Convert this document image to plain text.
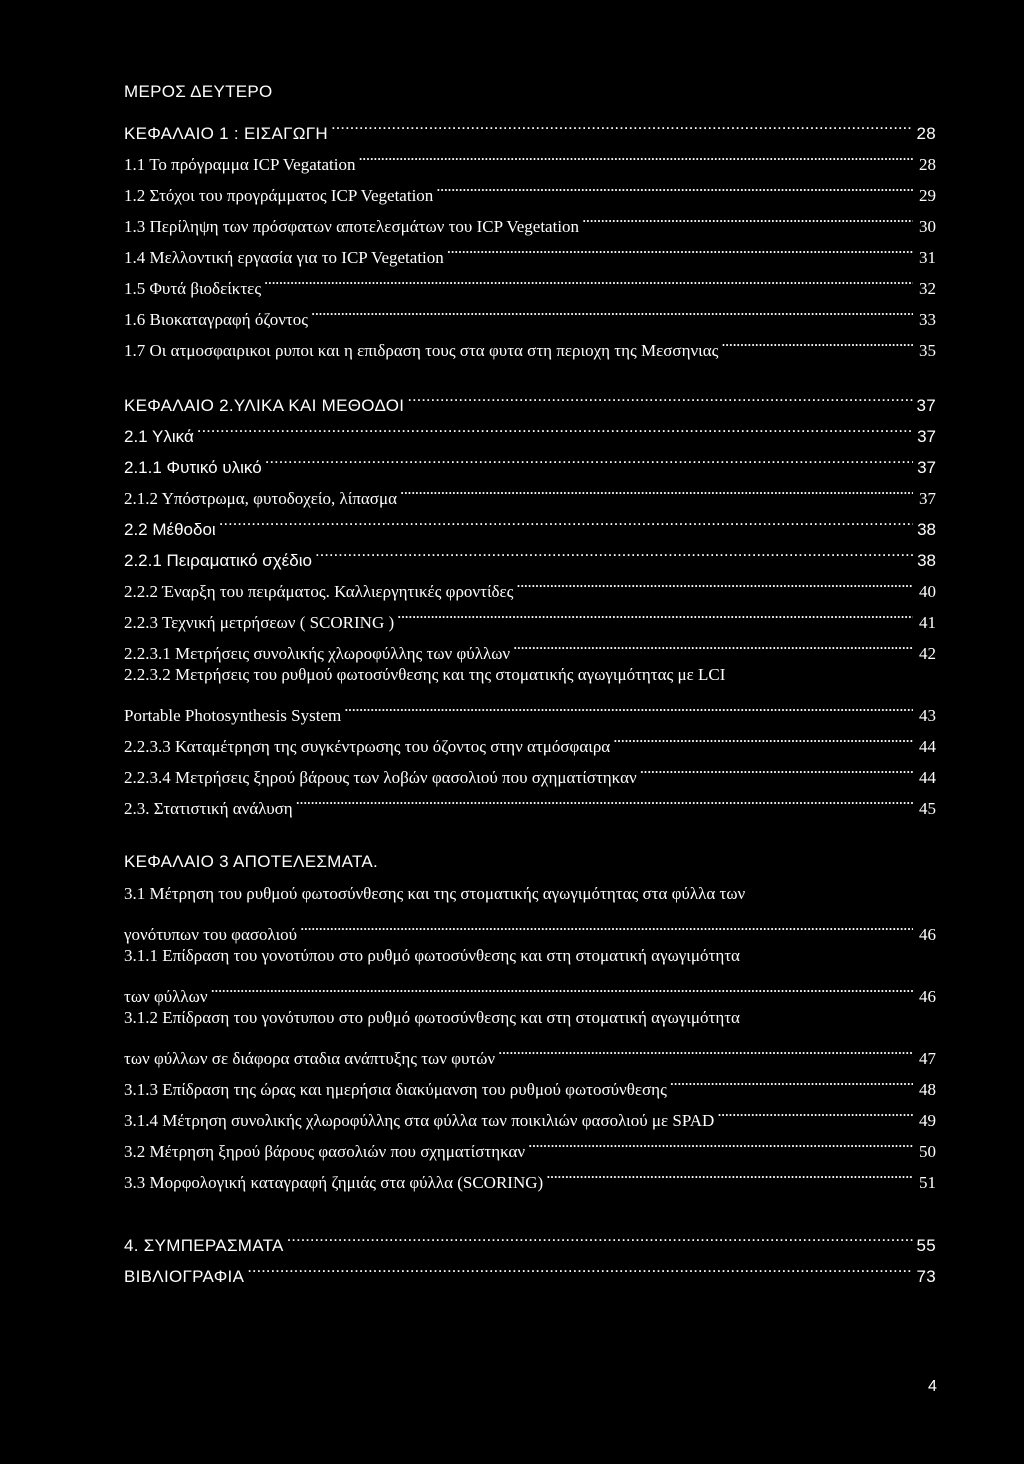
ΜΕΡΟΣ ΔΕΥΤΕΡΟ
ΚΕΦΑΛΑΙΟ 1 : ΕΙΣΑΓΩΓΗ . . .	28
1.1 Το πρόγραμμα ICP Vegatation . . .	28
1.2 Στόχοι του προγράμματος ICP Vegetation . . .	29
1.3 Περίληψη των πρόσφατων αποτελεσμάτων του ICP Vegetation . . .	30
1.4 Μελλοντική εργασία για το ICP Vegetation . . .	31
1.5 Φυτά βιοδείκτες . . .	32
1.6 Βιοκαταγραφή όζοντος . . .	33
1.7 Οι ατμοσφαιρικοι ρυποι και η επιδραση τους στα φυτα στη περιοχη της Μεσσηνιας . . .	35
ΚΕΦΑΛΑΙΟ 2.ΥΛΙΚΑ ΚΑΙ ΜΕΘΟΔΟΙ . . .	37
2.1 Υλικά . . .	37
2.1.1 Φυτικό υλικό . . .	37
2.1.2 Υπόστρωμα, φυτοδοχείο, λίπασμα . . .	37
2.2 Μέθοδοι . . .	38
2.2.1 Πειραματικό σχέδιο . . .	38
2.2.2 Έναρξη του πειράματος. Καλλιεργητικές φροντίδες . . .	40
2.2.3 Τεχνική μετρήσεων ( SCORING ) . . .	41
2.2.3.1 Μετρήσεις συνολικής χλωροφύλλης των φύλλων . . .	42
2.2.3.2 Μετρήσεις του ρυθμού φωτοσύνθεσης και της στοματικής αγωγιμότητας με LCI
Portable Photosynthesis System . . .	43
2.2.3.3 Καταμέτρηση της συγκέντρωσης του όζοντος στην ατμόσφαιρα . . .	44
2.2.3.4 Μετρήσεις ξηρού βάρους των λοβών φασολιού που σχηματίστηκαν . . .	44
2.3. Στατιστική ανάλυση . . .	45
ΚΕΦΑΛΑΙΟ 3 ΑΠΟΤΕΛΕΣΜΑΤΑ.
3.1 Μέτρηση του ρυθμού φωτοσύνθεσης και της στοματικής αγωγιμότητας στα φύλλα των
γονότυπων του φασολιού . . .	46
3.1.1 Επίδραση του γονοτύπου στο ρυθμό φωτοσύνθεσης και στη στοματική αγωγιμότητα
των φύλλων . . .	46
3.1.2 Επίδραση του γονότυπου στο ρυθμό φωτοσύνθεσης και στη στοματική αγωγιμότητα
των φύλλων σε διάφορα σταδια ανάπτυξης των φυτών . . .	47
3.1.3 Επίδραση της ώρας και ημερήσια διακύμανση του ρυθμού φωτοσύνθεσης . . .	48
3.1.4 Μέτρηση συνολικής χλωροφύλλης στα φύλλα των ποικιλιών φασολιού με SPAD . . .	49
3.2 Μέτρηση ξηρού βάρους φασολιών που σχηματίστηκαν . . .	50
3.3 Μορφολογική καταγραφή ζημιάς στα φύλλα (SCORING) . . .	51
4. ΣΥΜΠΕΡΑΣΜΑΤΑ . . .	55
ΒΙΒΛΙΟΓΡΑΦΙΑ . . .	73
4
